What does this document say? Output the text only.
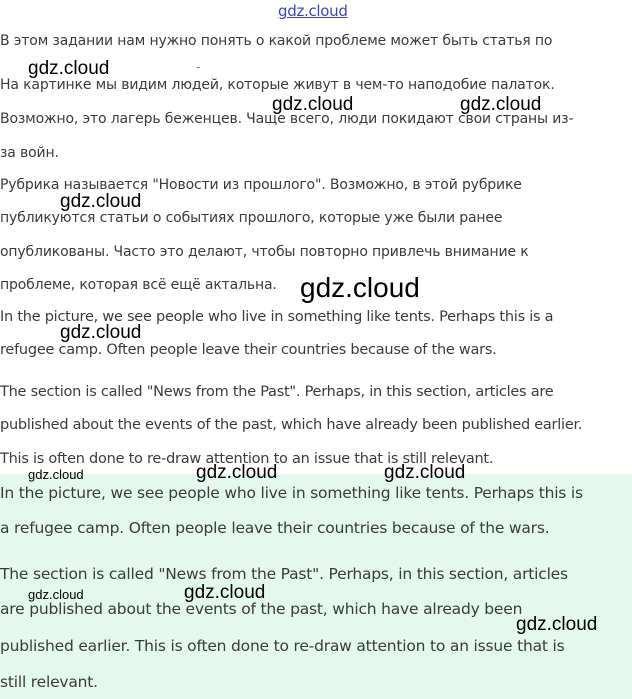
gdz.cloud

В этом задании нам нужно понять о какой проблеме может быть статья по

На картинке мы видим людей, которые живут в чем-то наподобие палаток.

Возможно, это лагерь беженцев. Чаще всего, люди покидают свои страны из-

за войн.

Рубрика называется "Новости из прошлого". Возможно, в этой рубрике

публикуются статьи о событиях прошлого, которые уже были ранее

опубликованы. Часто это делают, чтобы повторно привлечь внимание к

проблеме, которая всё ещё актальна.

In the picture, we see people who live in something like tents. Perhaps this is a

refugee camp. Often people leave their countries because of the wars.

The section is called "News from the Past". Perhaps, in this section, articles are

published about the events of the past, which have already been published earlier.

This is often done to re-draw attention to an issue that is still relevant.

In the picture, we see people who live in something like tents. Perhaps this is

a refugee camp. Often people leave their countries because of the wars.

The section is called "News from the Past". Perhaps, in this section, articles

are published about the events of the past, which have already been

published earlier. This is often done to re-draw attention to an issue that is

still relevant.

-
gdz.cloud
gdz.cloud	gdz.cloud
gdz.cloud
gdz.cloud
gdz.cloud
gdz.cloud	gdz.cloud	gdz.cloud
gdz.cloud	gdz.cloud
gdz.cloud
